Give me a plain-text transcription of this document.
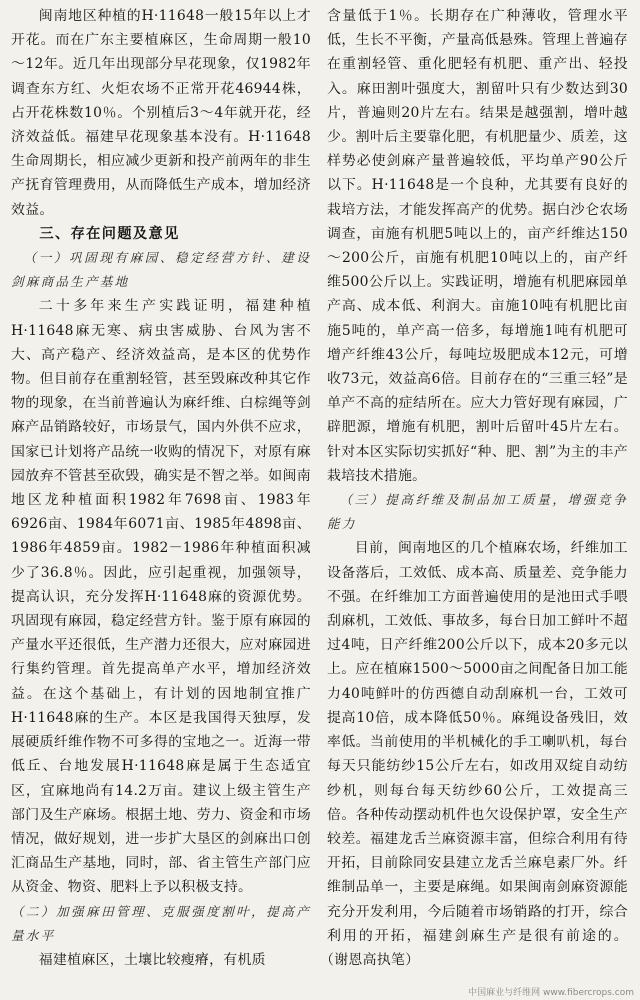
闽南地区种植的H·11648一般15年以上才开花。而在广东主要植麻区，生命周期一般10～12年。近几年出现部分早花现象，仅1982年调查东方红、火炬农场不正常开花46944株，占开花株数10％。个别植后3～4年就开花，经济效益低。福建早花现象基本没有。H·11648生命周期长，相应减少更新和投产前两年的非生产抚育管理费用，从而降低生产成本，增加经济效益。

三、存在问题及意见
（一）巩固现有麻园、稳定经营方针、建设剑麻商品生产基地

二十多年来生产实践证明，福建种植H·11648麻无寒、病虫害威胁、台风为害不大、高产稳产、经济效益高，是本区的优势作物。但目前存在重割轻管，甚至毁麻改种其它作物的现象，在当前普遍认为麻纤维、白棕绳等剑麻产品销路较好，市场景气，国内外供不应求，国家已计划将产品统一收购的情况下，对原有麻园放弃不管甚至砍毁，确实是不智之举。如闽南地区龙种植面积1982年7698亩、1983年6926亩、1984年6071亩、1985年4898亩、1986年4859亩。1982－1986年种植面积减少了36.8％。因此，应引起重视，加强领导，提高认识，充分发挥H·11648麻的资源优势。巩固现有麻园，稳定经营方针。鉴于原有麻园的产量水平还很低，生产潜力还很大，应对麻园进行集约管理。首先提高单产水平，增加经济效益。在这个基础上，有计划的因地制宜推广H·11648麻的生产。本区是我国得天独厚，发展硬质纤维作物不可多得的宝地之一。近海一带低丘、台地发展H·11648麻是属于生态适宜区，宜麻地尚有14.2万亩。建议上级主管生产部门及生产麻场。根据土地、劳力、资金和市场情况，做好规划，进一步扩大垦区的剑麻出口创汇商品生产基地，同时，部、省主管生产部门应从资金、物资、肥料上予以积极支持。

（二）加强麻田管理、克服强度割叶，提高产量水平

福建植麻区，土壤比较瘦瘠，有机质

含量低于1％。长期存在广种薄收，管理水平低，生长不平衡，产量高低悬殊。管理上普遍存在重割轻管、重化肥轻有机肥、重产出、轻投入。麻田割叶强度大，割留叶只有少数达到30片，普遍则20片左右。结果是越强割，增叶越少。割叶后主要靠化肥，有机肥量少、质差，这样势必使剑麻产量普遍较低，平均单产90公斤以下。H·11648是一个良种，尤其要有良好的栽培方法，才能发挥高产的优势。据白沙仑农场调查，亩施有机肥5吨以上的，亩产纤维达150～200公斤，亩施有机肥10吨以上的，亩产纤维500公斤以上。实践证明，增施有机肥麻园单产高、成本低、利润大。亩施10吨有机肥比亩施5吨的，单产高一倍多，每增施1吨有机肥可增产纤维43公斤，每吨垃圾肥成本12元，可增收73元，效益高6倍。目前存在的“三重三轻”是单产不高的症结所在。应大力管好现有麻园，广辟肥源，增施有机肥，割叶后留叶45片左右。针对本区实际切实抓好“种、肥、割”为主的丰产栽培技术措施。

（三）提高纤维及制品加工质量，增强竞争能力

目前，闽南地区的几个植麻农场，纤维加工设备落后，工效低、成本高、质量差、竞争能力不强。在纤维加工方面普遍使用的是池田式手喂刮麻机，工效低、事故多，每台日加工鲜叶不超过4吨，日产纤维200公斤以下，成本20多元以上。应在植麻1500～5000亩之间配备日加工能力40吨鲜叶的仿西德自动刮麻机一台，工效可提高10倍，成本降低50％。麻绳设备残旧，效率低。当前使用的半机械化的手工喇叭机，每台每天只能纺纱15公斤左右，如改用双绽自动纺纱机，则每台每天纺纱60公斤，工效提高三倍。各种传动摆动机件也欠设保护罩，安全生产较差。福建龙舌兰麻资源丰富，但综合利用有待开拓，目前除同安县建立龙舌兰麻皂素厂外。纤维制品单一，主要是麻绳。如果闽南剑麻资源能充分开发利用，今后随着市场销路的打开，综合利用的开拓，福建剑麻生产是很有前途的。（谢恩高执笔）

中国麻业与纤维网 www.fibercrops.com
